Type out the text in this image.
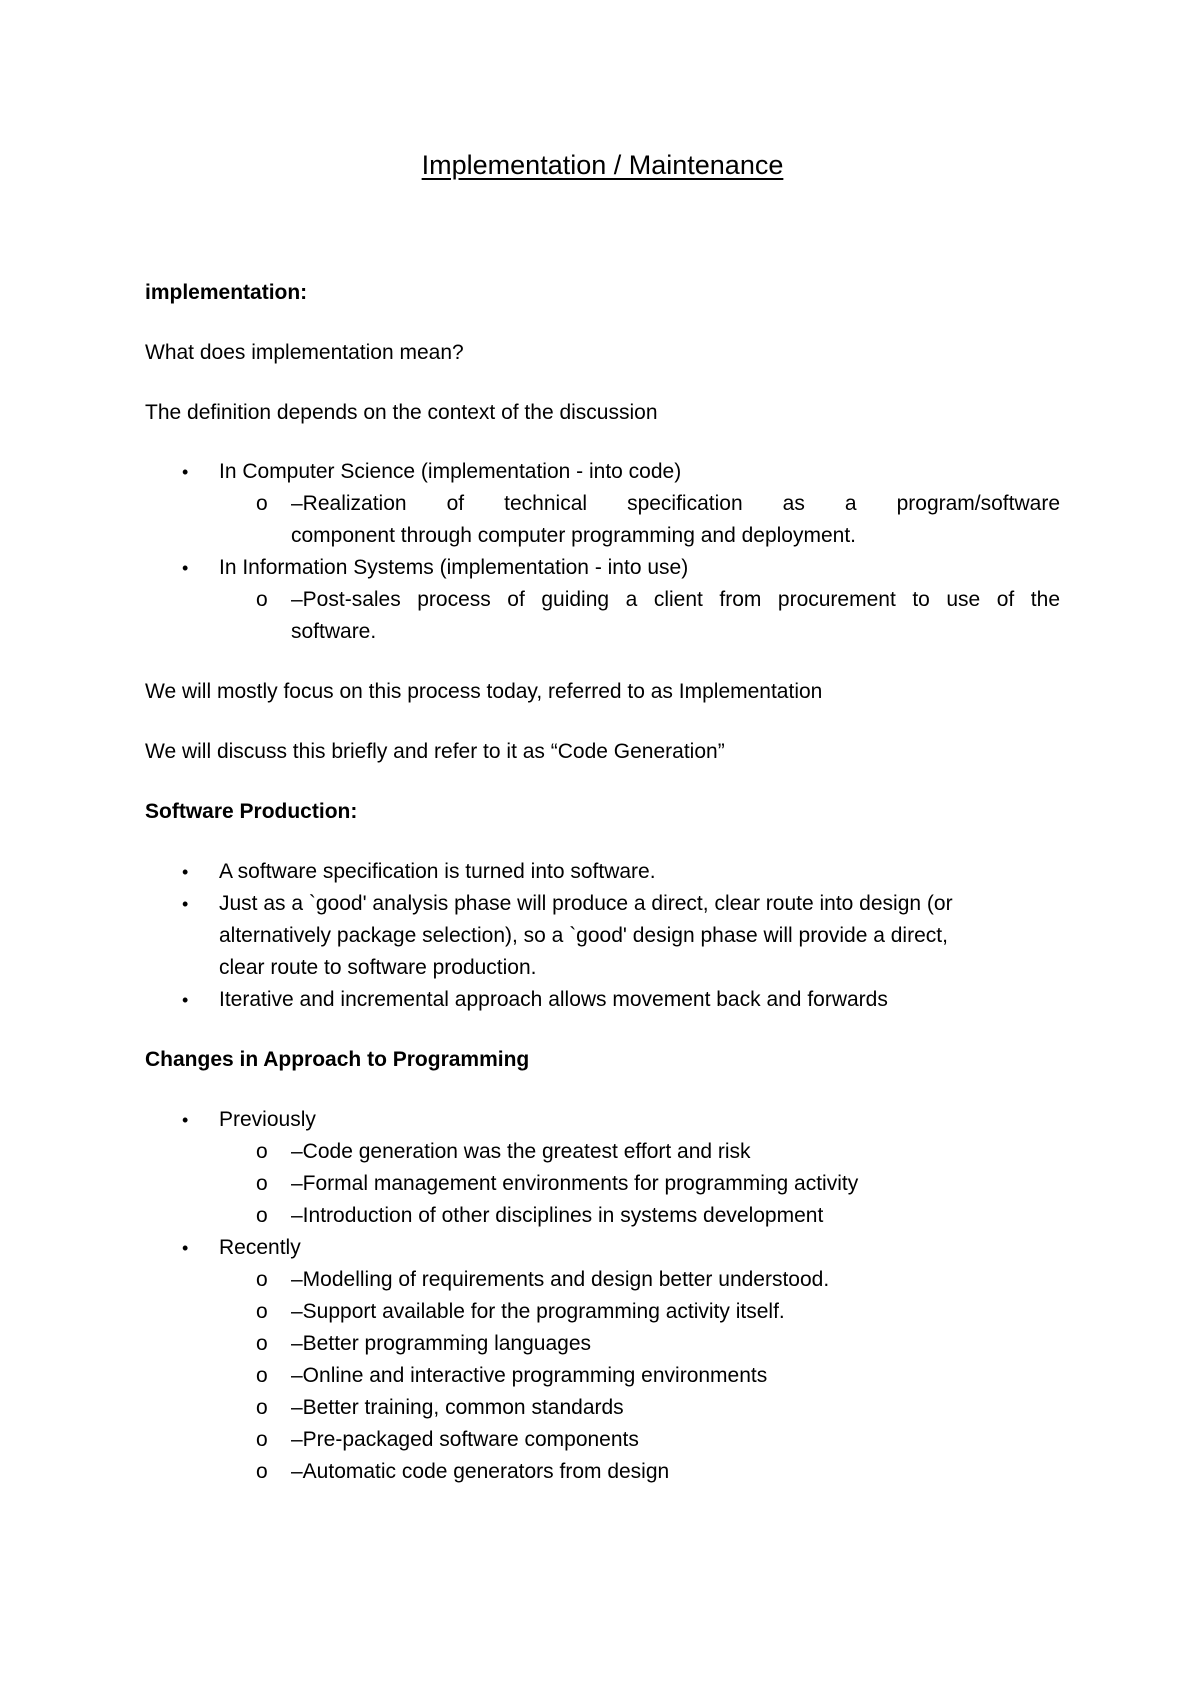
Implementation / Maintenance
implementation:
What does implementation mean?
The definition depends on the context of the discussion
• In Computer Science (implementation - into code)
o –Realization of technical specification as a program/software
component through computer programming and deployment.
• In Information Systems (implementation - into use)
o –Post-sales process of guiding a client from procurement to use of the
software.
We will mostly focus on this process today, referred to as Implementation
We will discuss this briefly and refer to it as “Code Generation”
Software Production:
• A software specification is turned into software.
• Just as a `good' analysis phase will produce a direct, clear route into design (or
alternatively package selection), so a `good' design phase will provide a direct,
clear route to software production.
• Iterative and incremental approach allows movement back and forwards
Changes in Approach to Programming
• Previously
o –Code generation was the greatest effort and risk
o –Formal management environments for programming activity
o –Introduction of other disciplines in systems development
• Recently
o –Modelling of requirements and design better understood.
o –Support available for the programming activity itself.
o –Better programming languages
o –Online and interactive programming environments
o –Better training, common standards
o –Pre-packaged software components
o –Automatic code generators from design
